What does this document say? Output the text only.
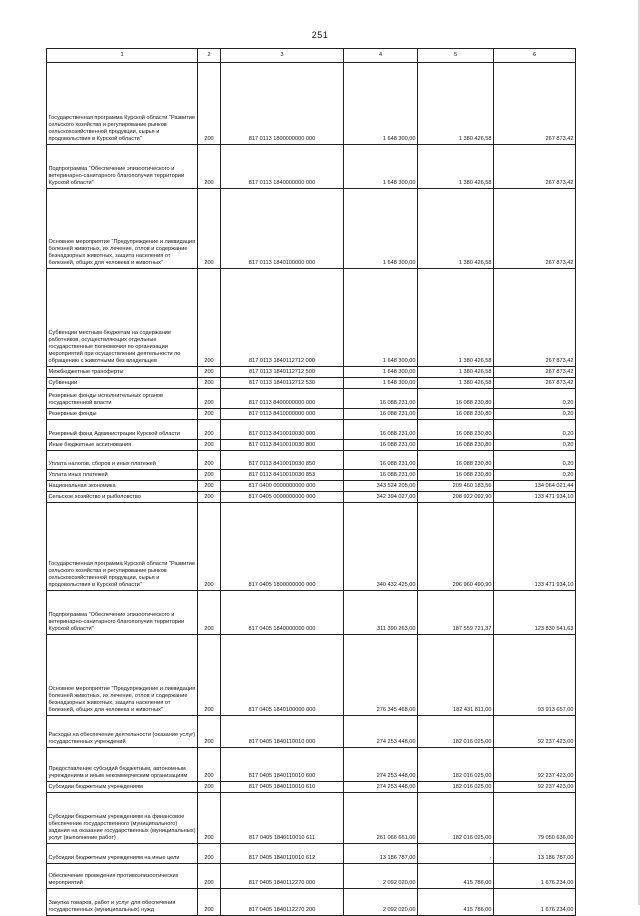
251
1	2	3	4	5	6
Государственная программа Курской области "Развитие сельского хозяйства и регулирование рынков сельскохозяйственной продукции, сырья и продовольствия в Курской области"	200	817 0113 1800000000 000	1 648 300,00	1 380 426,58	267 873,42
Подпрограмма "Обеспечение эпизоотического и ветеринарно-санитарного благополучия территории Курской области"	200	817 0113 1840000000 000	1 648 300,00	1 380 426,58	267 873,42
Основное мероприятие "Предупреждение и ликвидация болезней животных, их лечение, отлов и содержание безнадзорных животных, защита населения от болезней, общих для человека и животных"	200	817 0113 1840100000 000	1 648 300,00	1 380 426,58	267 873,42
Субвенции местным бюджетам на содержание работников, осуществляющих отдельные государственные полномочия по организации мероприятий при осуществлении деятельности по обращению с животными без владельцев	200	817 0113 1840112712 000	1 648 300,00	1 380 426,58	267 873,42
Межбюджетные трансферты	200	817 0113 1840112712 500	1 648 300,00	1 380 426,58	267 873,42
Субвенции	200	817 0113 1840112712 530	1 648 300,00	1 380 426,58	267 873,42
Резервные фонды исполнительных органов государственной власти	200	817 0113 8400000000 000	16 088 231,00	16 088 230,80	0,20
Резервные фонды	200	817 0113 8410000000 000	16 088 231,00	16 088 230,80	0,20
Резервный фонд Администрации Курской области	200	817 0113 8410010030 000	16 088 231,00	16 088 230,80	0,20
Иные бюджетные ассигнования	200	817 0113 8410010030 800	16 088 231,00	16 088 230,80	0,20
Уплата налогов, сборов и иных платежей	200	817 0113 8410010030 850	16 088 231,00	16 088 230,80	0,20
Уплата иных платежей	200	817 0113 8410010030 853	16 088 231,00	16 088 230,80	0,20
Национальная экономика	200	817 0400 0000000000 000	343 524 205,00	209 460 183,56	134 064 021,44
Сельское хозяйство и рыболовство	200	817 0405 0000000000 000	342 394 027,00	208 922 092,90	133 471 934,10
Государственная программа Курской области "Развитие сельского хозяйства и регулирование рынков сельскохозяйственной продукции, сырья и продовольствия в Курской области"	200	817 0405 1800000000 000	340 432 425,00	206 960 490,90	133 471 934,10
Подпрограмма "Обеспечение эпизоотического и ветеринарно-санитарного благополучия территории Курской области"	200	817 0405 1840000000 000	311 390 263,00	187 559 721,37	123 830 541,63
Основное мероприятие "Предупреждение и ликвидация болезней животных, их лечение, отлов и содержание безнадзорных животных, защита населения от болезней, общих для человека и животных"	200	817 0405 1840100000 000	276 345 468,00	182 431 811,00	93 913 657,00
Расходы на обеспечение деятельности (оказание услуг) государственных учреждений	200	817 0405 1840110010 000	274 253 448,00	182 016 025,00	92 237 423,00
Предоставление субсидий бюджетным, автономным учреждениям и иным некоммерческим организациям	200	817 0405 1840110010 600	274 253 448,00	182 016 025,00	92 237 423,00
Субсидии бюджетным учреждениям	200	817 0405 1840110010 610	274 253 448,00	182 016 025,00	92 237 423,00
Субсидии бюджетным учреждениям на финансовое обеспечение государственного (муниципального) задания на оказание государственных (муниципальных) услуг (выполнение работ)	200	817 0405 1840110010 611	261 066 661,00	182 016 025,00	79 050 636,00
Субсидии бюджетным учреждениям на иные цели	200	817 0405 1840110010 612	13 186 787,00	-	13 186 787,00
Обеспечение проведения противоэпизоотических мероприятий	200	817 0405 1840112270 000	2 092 020,00	415 786,00	1 676 234,00
Закупка товаров, работ и услуг для обеспечения государственных (муниципальных) нужд	200	817 0405 1840112270 200	2 092 020,00	415 786,00	1 676 234,00
